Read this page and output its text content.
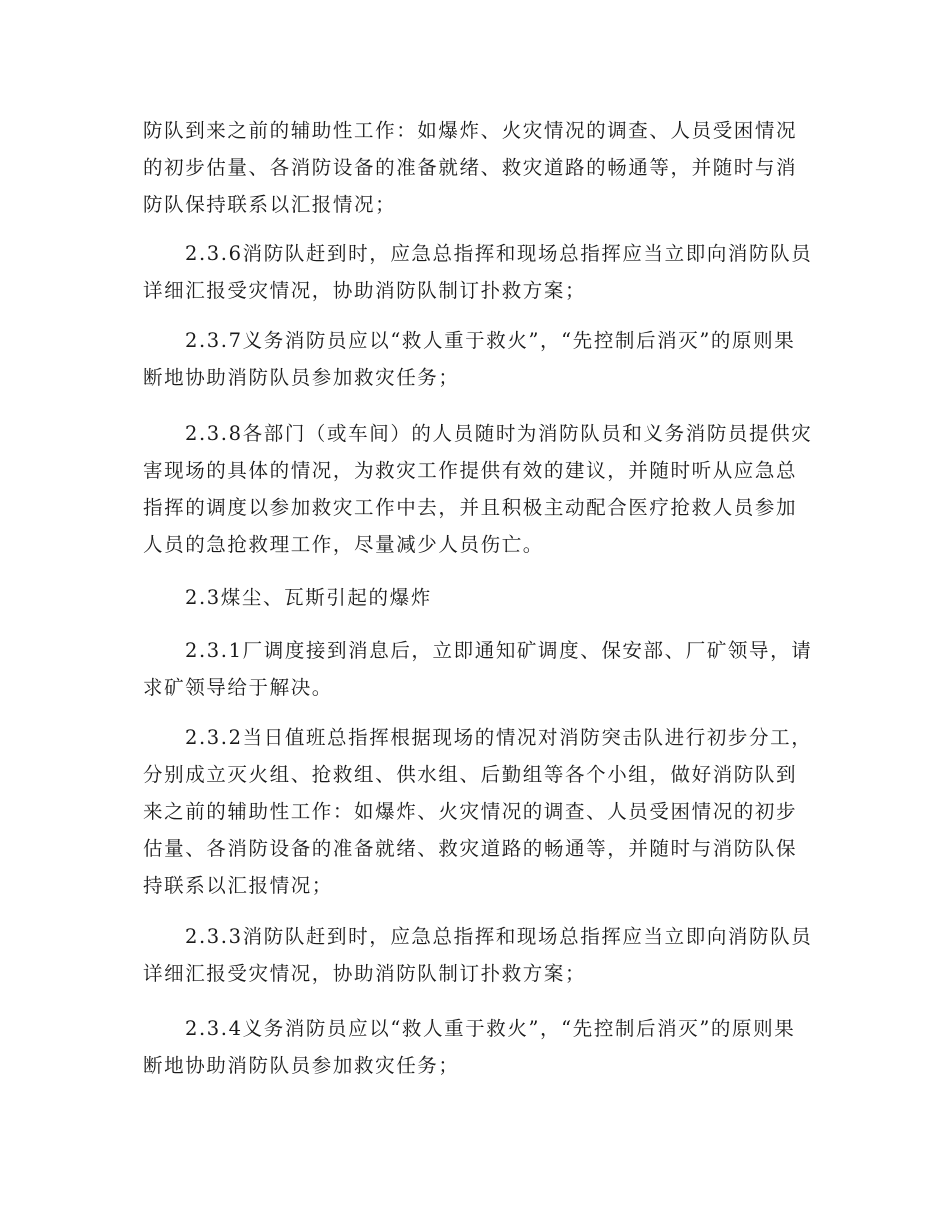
防队到来之前的辅助性工作：如爆炸、火灾情况的调查、人员受困情况的初步估量、各消防设备的准备就绪、救灾道路的畅通等，并随时与消防队保持联系以汇报情况；

2.3.6消防队赶到时，应急总指挥和现场总指挥应当立即向消防队员详细汇报受灾情况，协助消防队制订扑救方案；

2.3.7义务消防员应以“救人重于救火”，“先控制后消灭”的原则果断地协助消防队员参加救灾任务；

2.3.8各部门（或车间）的人员随时为消防队员和义务消防员提供灾害现场的具体的情况，为救灾工作提供有效的建议，并随时听从应急总指挥的调度以参加救灾工作中去，并且积极主动配合医疗抢救人员参加人员的急抢救理工作，尽量减少人员伤亡。

2.3煤尘、瓦斯引起的爆炸

2.3.1厂调度接到消息后，立即通知矿调度、保安部、厂矿领导，请求矿领导给于解决。

2.3.2当日值班总指挥根据现场的情况对消防突击队进行初步分工，分别成立灭火组、抢救组、供水组、后勤组等各个小组，做好消防队到来之前的辅助性工作：如爆炸、火灾情况的调查、人员受困情况的初步估量、各消防设备的准备就绪、救灾道路的畅通等，并随时与消防队保持联系以汇报情况；

2.3.3消防队赶到时，应急总指挥和现场总指挥应当立即向消防队员详细汇报受灾情况，协助消防队制订扑救方案；

2.3.4义务消防员应以“救人重于救火”，“先控制后消灭”的原则果断地协助消防队员参加救灾任务；
